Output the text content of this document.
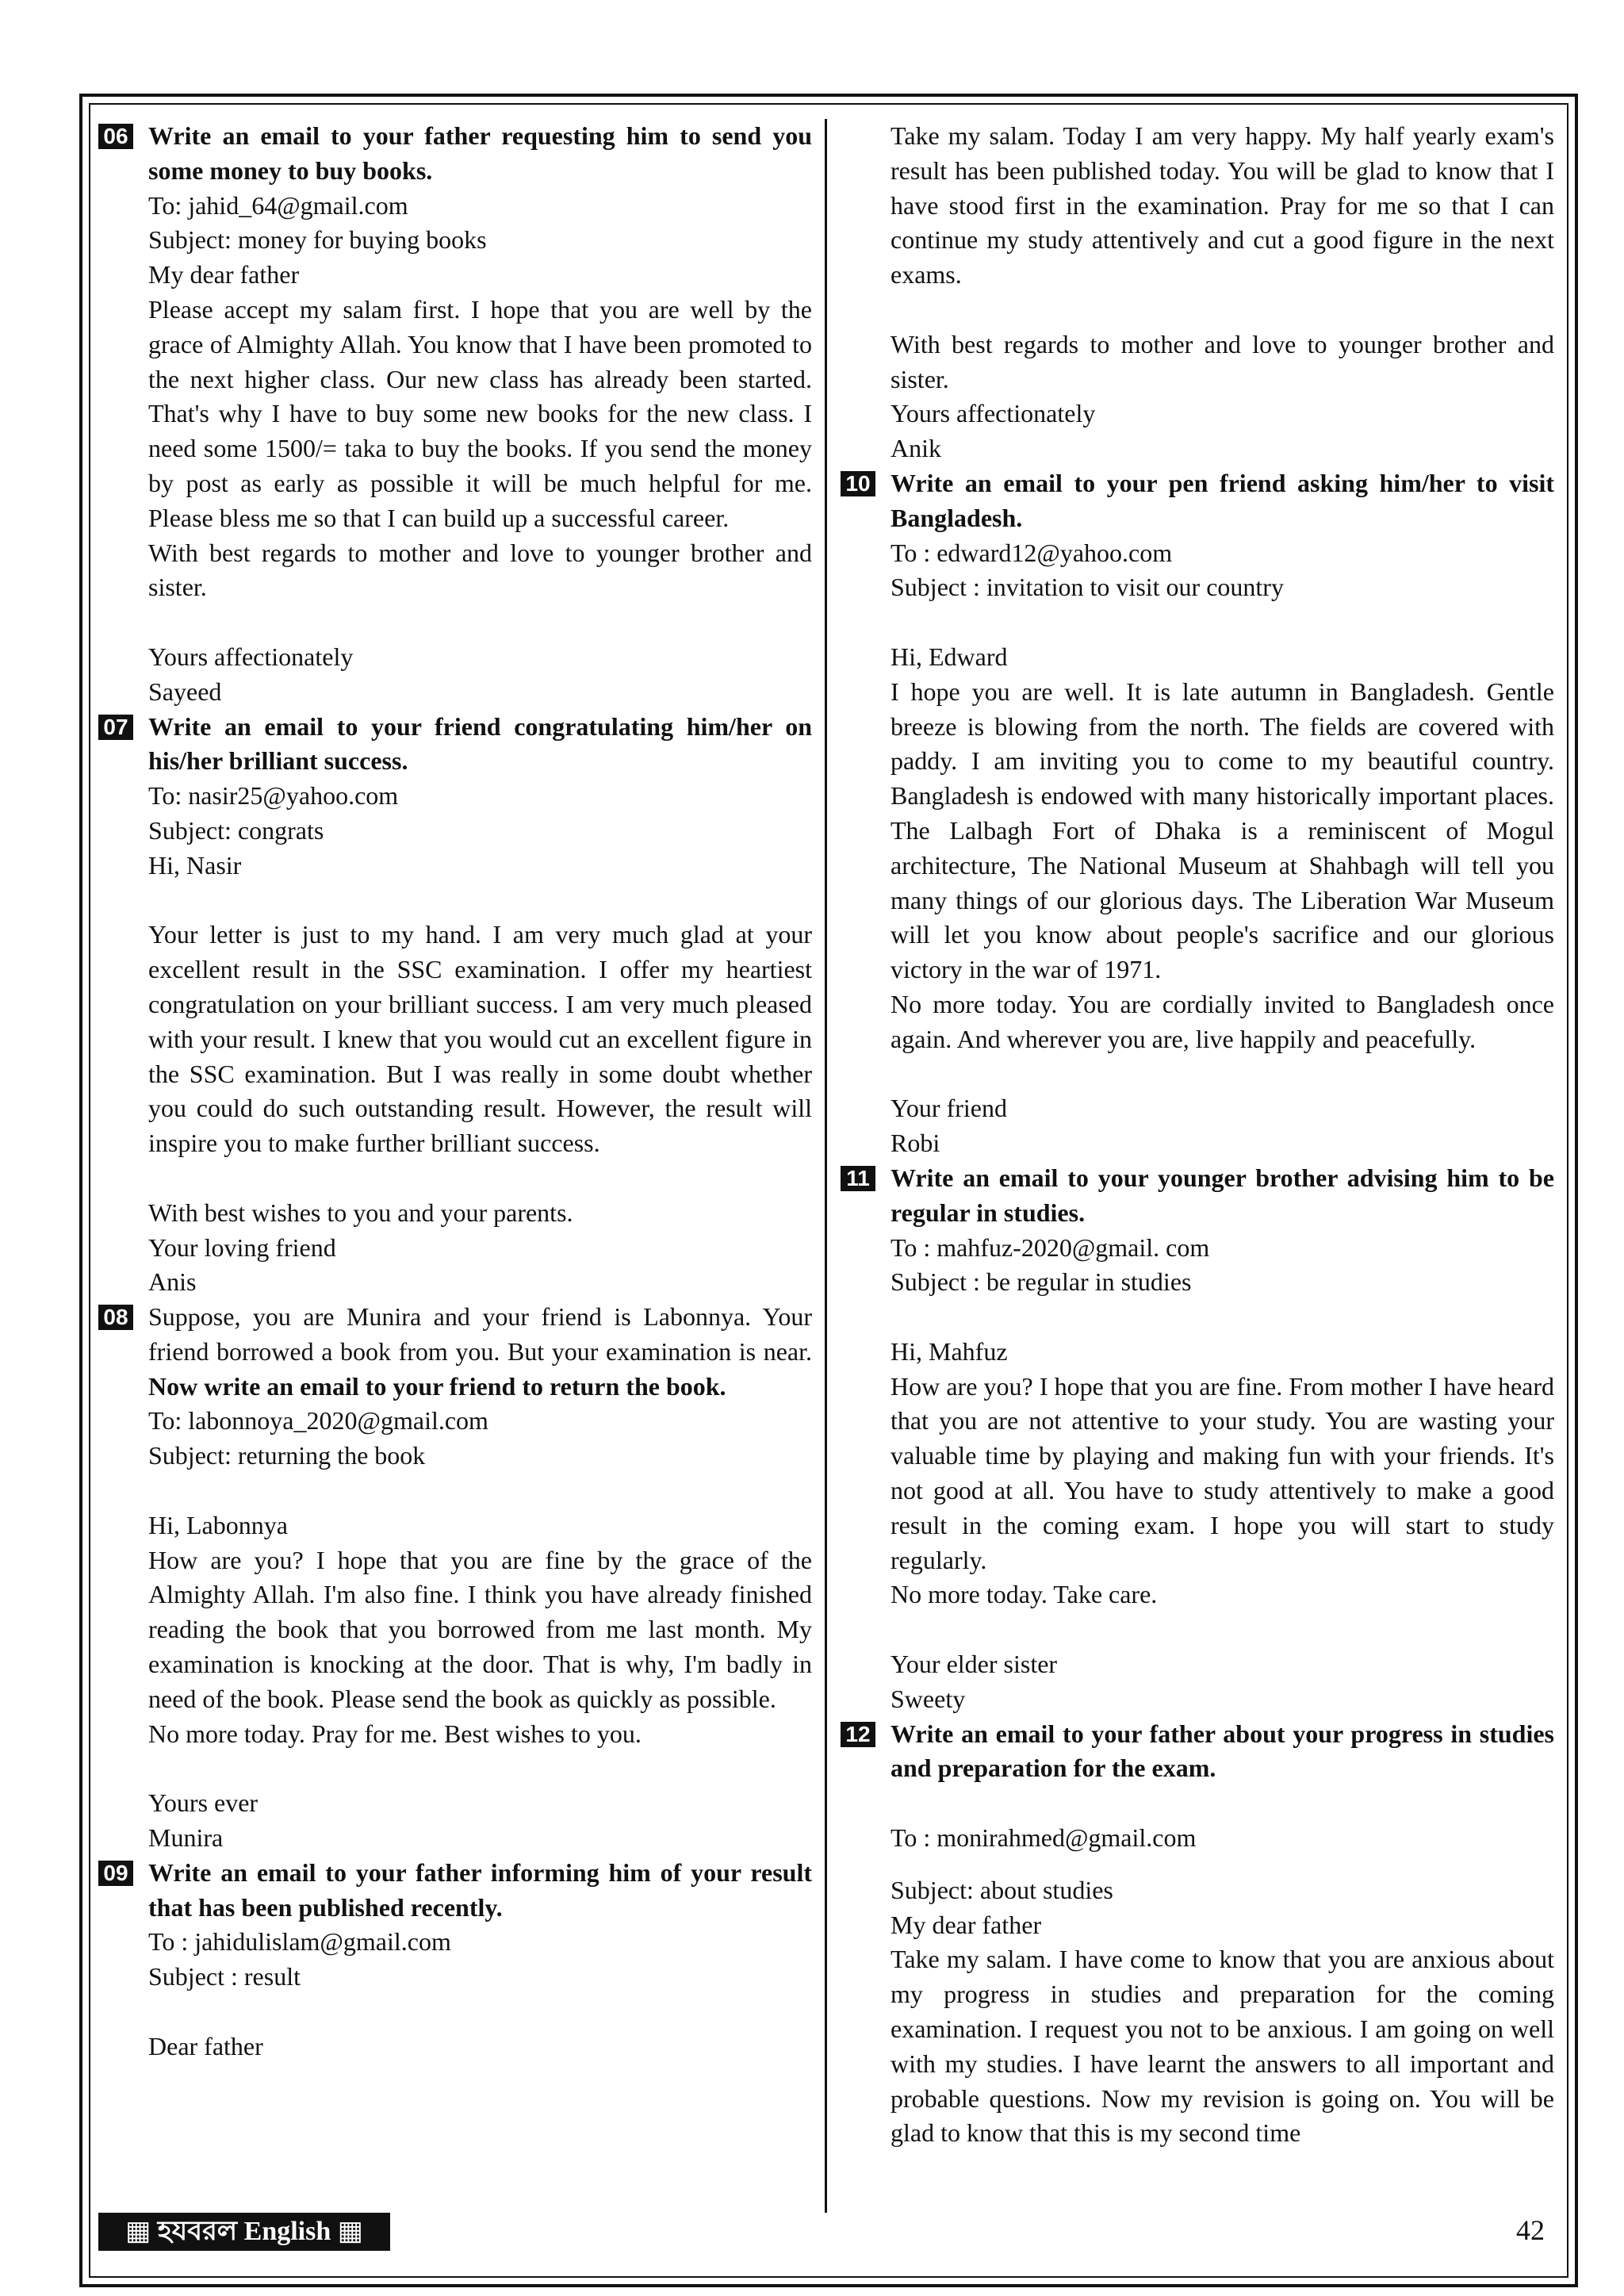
06 Write an email to your father requesting him to send you some money to buy books.
To: jahid_64@gmail.com
Subject: money for buying books
My dear father
Please accept my salam first. I hope that you are well by the grace of Almighty Allah. You know that I have been promoted to the next higher class. Our new class has already been started. That's why I have to buy some new books for the new class. I need some 1500/= taka to buy the books. If you send the money by post as early as possible it will be much helpful for me. Please bless me so that I can build up a successful career.
With best regards to mother and love to younger brother and sister.
Yours affectionately
Sayeed
07 Write an email to your friend congratulating him/her on his/her brilliant success.
To: nasir25@yahoo.com
Subject: congrats
Hi, Nasir
Your letter is just to my hand. I am very much glad at your excellent result in the SSC examination. I offer my heartiest congratulation on your brilliant success. I am very much pleased with your result. I knew that you would cut an excellent figure in the SSC examination. But I was really in some doubt whether you could do such outstanding result. However, the result will inspire you to make further brilliant success.
With best wishes to you and your parents.
Your loving friend
Anis
08 Suppose, you are Munira and your friend is Labonnya. Your friend borrowed a book from you. But your examination is near. Now write an email to your friend to return the book.
To: labonnoya_2020@gmail.com
Subject: returning the book
Hi, Labonnya
How are you? I hope that you are fine by the grace of the Almighty Allah. I'm also fine. I think you have already finished reading the book that you borrowed from me last month. My examination is knocking at the door. That is why, I'm badly in need of the book. Please send the book as quickly as possible.
No more today. Pray for me. Best wishes to you.
Yours ever
Munira
09 Write an email to your father informing him of your result that has been published recently.
To : jahidulislam@gmail.com
Subject : result
Dear father
Take my salam. Today I am very happy. My half yearly exam's result has been published today. You will be glad to know that I have stood first in the examination. Pray for me so that I can continue my study attentively and cut a good figure in the next exams.
With best regards to mother and love to younger brother and sister.
Yours affectionately
Anik
10 Write an email to your pen friend asking him/her to visit Bangladesh.
To : edward12@yahoo.com
Subject : invitation to visit our country
Hi, Edward
I hope you are well. It is late autumn in Bangladesh. Gentle breeze is blowing from the north. The fields are covered with paddy. I am inviting you to come to my beautiful country. Bangladesh is endowed with many historically important places. The Lalbagh Fort of Dhaka is a reminiscent of Mogul architecture, The National Museum at Shahbagh will tell you many things of our glorious days. The Liberation War Museum will let you know about people's sacrifice and our glorious victory in the war of 1971.
No more today. You are cordially invited to Bangladesh once again. And wherever you are, live happily and peacefully.
Your friend
Robi
11 Write an email to your younger brother advising him to be regular in studies.
To : mahfuz-2020@gmail. com
Subject : be regular in studies
Hi, Mahfuz
How are you? I hope that you are fine. From mother I have heard that you are not attentive to your study. You are wasting your valuable time by playing and making fun with your friends. It's not good at all. You have to study attentively to make a good result in the coming exam. I hope you will start to study regularly.
No more today. Take care.
Your elder sister
Sweety
12 Write an email to your father about your progress in studies and preparation for the exam.
To : monirahmed@gmail.com
Subject: about studies
My dear father
Take my salam. I have come to know that you are anxious about my progress in studies and preparation for the coming examination. I request you not to be anxious. I am going on well with my studies. I have learnt the answers to all important and probable questions. Now my revision is going on. You will be glad to know that this is my second time
▦ হযবরল English ▦	42
